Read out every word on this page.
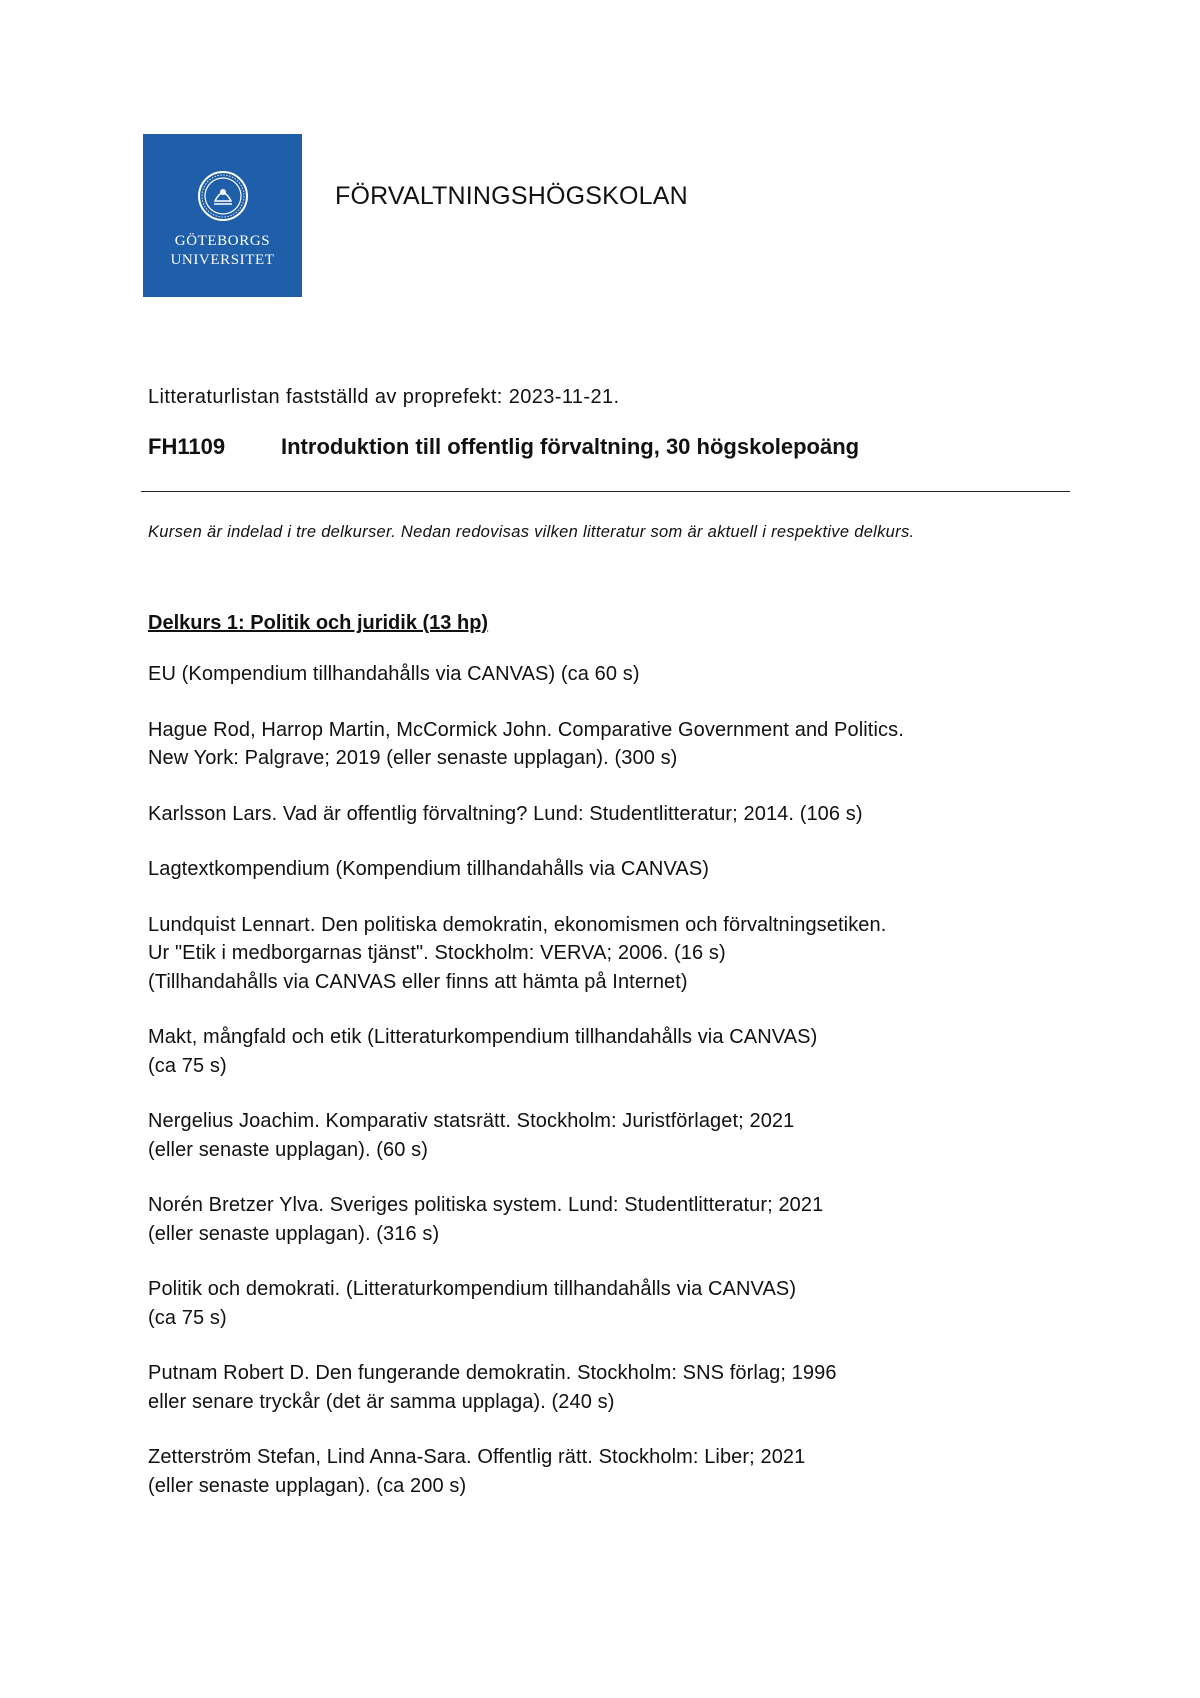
GÖTEBORGS
UNIVERSITET
FÖRVALTNINGSHÖGSKOLAN
Litteraturlistan fastställd av proprefekt: 2023-11-21.
FH1109	Introduktion till offentlig förvaltning, 30 högskolepoäng
Kursen är indelad i tre delkurser. Nedan redovisas vilken litteratur som är aktuell i respektive delkurs.
Delkurs 1: Politik och juridik (13 hp)
EU (Kompendium tillhandahålls via CANVAS) (ca 60 s)
Hague Rod, Harrop Martin, McCormick John. Comparative Government and Politics.
New York: Palgrave; 2019 (eller senaste upplagan). (300 s)
Karlsson Lars. Vad är offentlig förvaltning? Lund: Studentlitteratur; 2014. (106 s)
Lagtextkompendium (Kompendium tillhandahålls via CANVAS)
Lundquist Lennart. Den politiska demokratin, ekonomismen och förvaltningsetiken.
Ur "Etik i medborgarnas tjänst". Stockholm: VERVA; 2006. (16 s)
(Tillhandahålls via CANVAS eller finns att hämta på Internet)
Makt, mångfald och etik (Litteraturkompendium tillhandahålls via CANVAS)
(ca 75 s)
Nergelius Joachim. Komparativ statsrätt. Stockholm: Juristförlaget; 2021
(eller senaste upplagan). (60 s)
Norén Bretzer Ylva. Sveriges politiska system. Lund: Studentlitteratur; 2021
(eller senaste upplagan). (316 s)
Politik och demokrati. (Litteraturkompendium tillhandahålls via CANVAS)
(ca 75 s)
Putnam Robert D. Den fungerande demokratin. Stockholm: SNS förlag; 1996
eller senare tryckår (det är samma upplaga). (240 s)
Zetterström Stefan, Lind Anna-Sara. Offentlig rätt. Stockholm: Liber; 2021
(eller senaste upplagan). (ca 200 s)
